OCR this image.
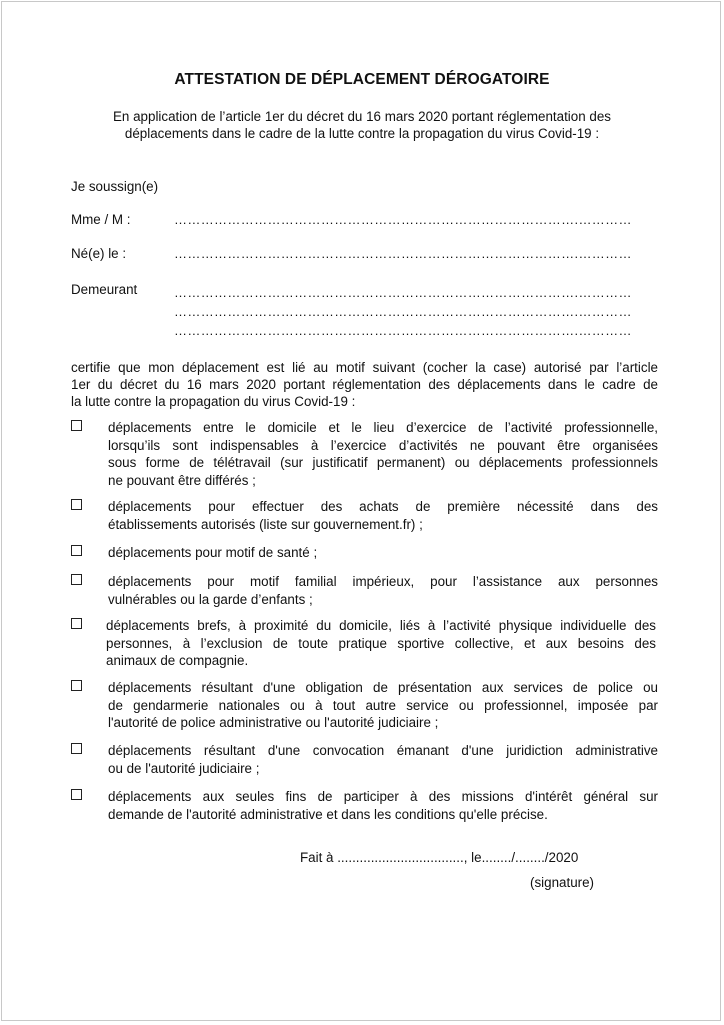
ATTESTATION DE DÉPLACEMENT DÉROGATOIRE
En application de l’article 1er du décret du 16 mars 2020 portant réglementation des
déplacements dans le cadre de la lutte contre la propagation du virus Covid-19 :
Je soussign(e)
Mme / M :	……………………………………………………………………………….…………
Né(e) le :	……………………………………………………………………………….…………
Demeurant	……………………………………………………………………………….…………
……………………………………………………………………………….…………
……………………………………………………………………………….…………
certifie que mon déplacement est lié au motif suivant (cocher la case) autorisé par l’article
1er du décret du 16 mars 2020 portant réglementation des déplacements dans le cadre de
la lutte contre la propagation du virus Covid-19 :
déplacements entre le domicile et le lieu d’exercice de l’activité professionnelle,
lorsqu’ils sont indispensables à l’exercice d’activités ne pouvant être organisées
sous forme de télétravail (sur justificatif permanent) ou déplacements professionnels
ne pouvant être différés ;
déplacements pour effectuer des achats de première nécessité dans des
établissements autorisés (liste sur gouvernement.fr) ;
déplacements pour motif de santé ;
déplacements pour motif familial impérieux, pour l’assistance aux personnes
vulnérables ou la garde d’enfants ;
déplacements brefs, à proximité du domicile, liés à l’activité physique individuelle des
personnes, à l’exclusion de toute pratique sportive collective, et aux besoins des
animaux de compagnie.
déplacements résultant d'une obligation de présentation aux services de police ou
de gendarmerie nationales ou à tout autre service ou professionnel, imposée par
l'autorité de police administrative ou l'autorité judiciaire ;
déplacements résultant d'une convocation émanant d'une juridiction administrative
ou de l'autorité judiciaire ;
déplacements aux seules fins de participer à des missions d'intérêt général sur
demande de l'autorité administrative et dans les conditions qu'elle précise.
Fait à .................................., le......../......../2020
(signature)
